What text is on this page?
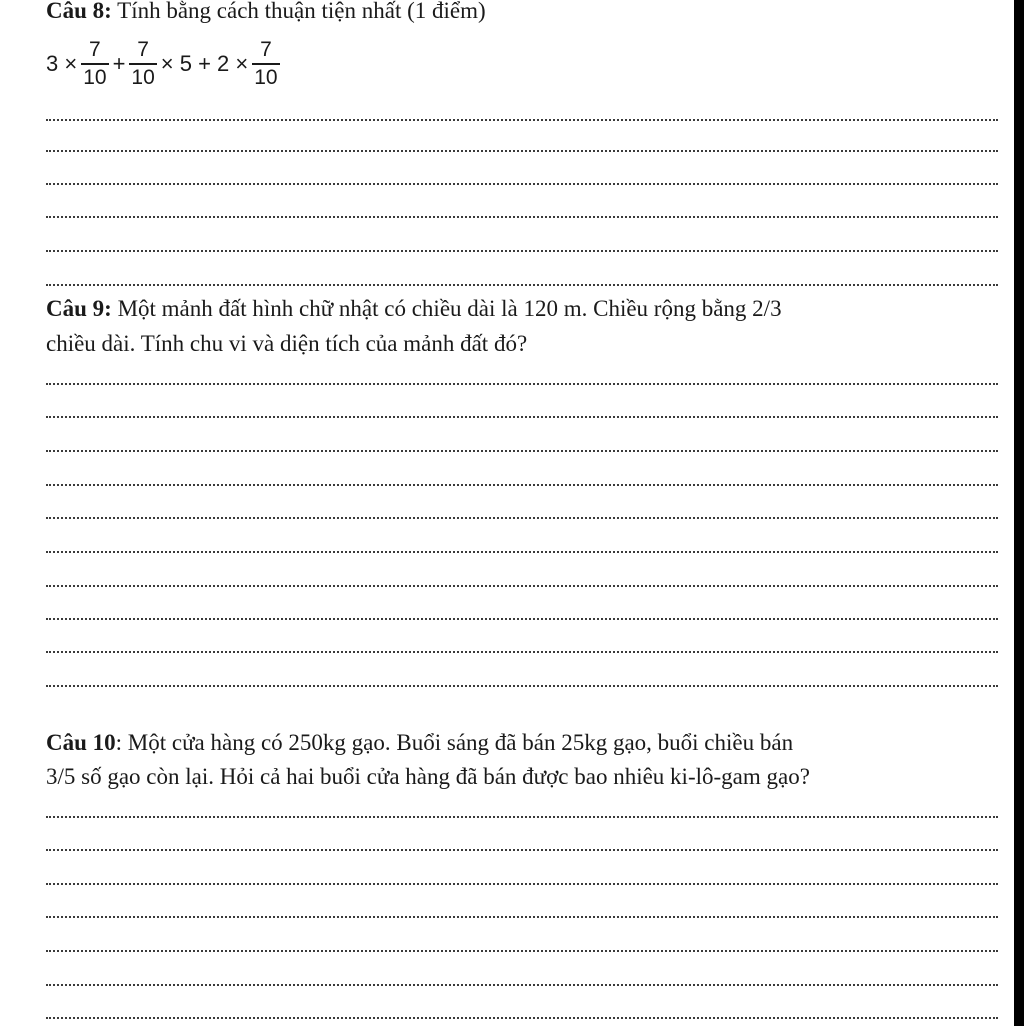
Câu 8: Tính bằng cách thuận tiện nhất (1 điểm)
$3 \times \frac{7}{10} + \frac{7}{10} \times 5 + 2 \times \frac{7}{10}$
Câu 9: Một mảnh đất hình chữ nhật có chiều dài là 120 m. Chiều rộng bằng 2/3
chiều dài. Tính chu vi và diện tích của mảnh đất đó?
Câu 10: Một cửa hàng có 250kg gạo. Buổi sáng đã bán 25kg gạo, buổi chiều bán
3/5 số gạo còn lại. Hỏi cả hai buổi cửa hàng đã bán được bao nhiêu ki-lô-gam gạo?
